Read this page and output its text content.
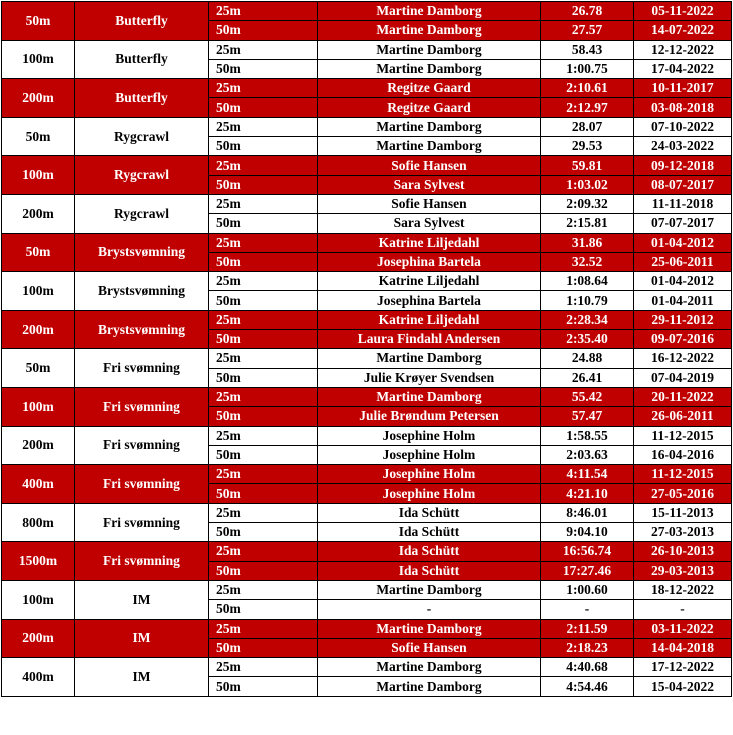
50m	Butterfly	25m	Martine Damborg	26.78	05-11-2022
		50m	Martine Damborg	27.57	14-07-2022
100m	Butterfly	25m	Martine Damborg	58.43	12-12-2022
		50m	Martine Damborg	1:00.75	17-04-2022
200m	Butterfly	25m	Regitze Gaard	2:10.61	10-11-2017
		50m	Regitze Gaard	2:12.97	03-08-2018
50m	Rygcrawl	25m	Martine Damborg	28.07	07-10-2022
		50m	Martine Damborg	29.53	24-03-2022
100m	Rygcrawl	25m	Sofie Hansen	59.81	09-12-2018
		50m	Sara Sylvest	1:03.02	08-07-2017
200m	Rygcrawl	25m	Sofie Hansen	2:09.32	11-11-2018
		50m	Sara Sylvest	2:15.81	07-07-2017
50m	Brystsvømning	25m	Katrine Liljedahl	31.86	01-04-2012
		50m	Josephina Bartela	32.52	25-06-2011
100m	Brystsvømning	25m	Katrine Liljedahl	1:08.64	01-04-2012
		50m	Josephina Bartela	1:10.79	01-04-2011
200m	Brystsvømning	25m	Katrine Liljedahl	2:28.34	29-11-2012
		50m	Laura Findahl Andersen	2:35.40	09-07-2016
50m	Fri svømning	25m	Martine Damborg	24.88	16-12-2022
		50m	Julie Krøyer Svendsen	26.41	07-04-2019
100m	Fri svømning	25m	Martine Damborg	55.42	20-11-2022
		50m	Julie Brøndum Petersen	57.47	26-06-2011
200m	Fri svømning	25m	Josephine Holm	1:58.55	11-12-2015
		50m	Josephine Holm	2:03.63	16-04-2016
400m	Fri svømning	25m	Josephine Holm	4:11.54	11-12-2015
		50m	Josephine Holm	4:21.10	27-05-2016
800m	Fri svømning	25m	Ida Schütt	8:46.01	15-11-2013
		50m	Ida Schütt	9:04.10	27-03-2013
1500m	Fri svømning	25m	Ida Schütt	16:56.74	26-10-2013
		50m	Ida Schütt	17:27.46	29-03-2013
100m	IM	25m	Martine Damborg	1:00.60	18-12-2022
		50m	-	-	-
200m	IM	25m	Martine Damborg	2:11.59	03-11-2022
		50m	Sofie Hansen	2:18.23	14-04-2018
400m	IM	25m	Martine Damborg	4:40.68	17-12-2022
		50m	Martine Damborg	4:54.46	15-04-2022
